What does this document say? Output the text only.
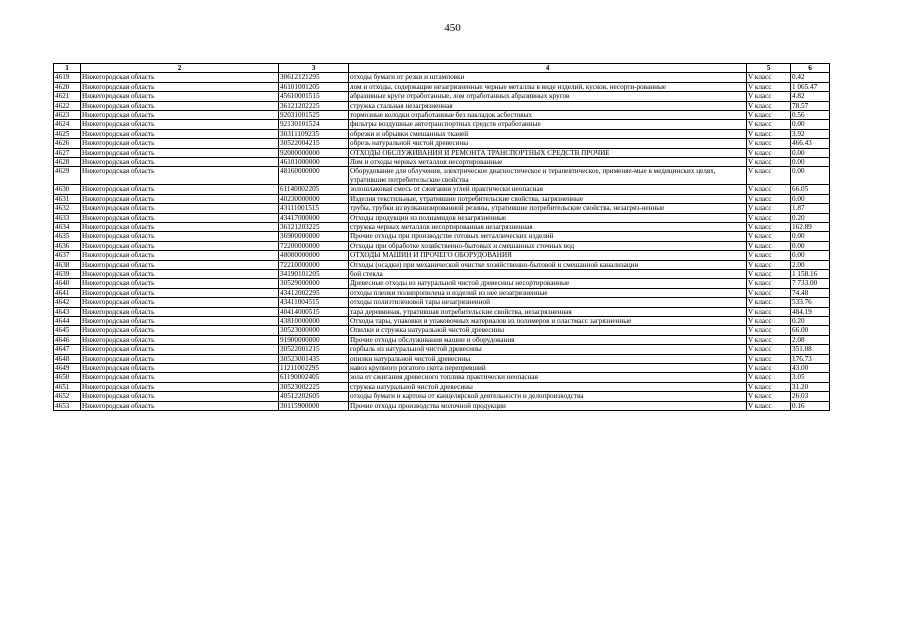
450
1	2	3	4	5	6
4619	Нижегородская область	30612121295	отходы бумаги от резки и штамповки	V класс	0.42
4620	Нижегородская область	46101001205	лом и отходы, содержащие незагрязненные черные металлы в виде изделий, кусков, несорти-рованные	V класс	1 065.47
4621	Нижегородская область	45610001515	абразивные круги отработанные, лом отработанных абразивных кругов	V класс	4.82
4622	Нижегородская область	36121202225	стружка стальная незагрязненная	V класс	78.57
4623	Нижегородская область	92031001525	тормозные колодки отработанные без накладок асбестовых	V класс	0.56
4624	Нижегородская область	92130101524	фильтры воздушные автотранспортных средств отработанные	V класс	0.00
4625	Нижегородская область	30311109235	обрезки и обрывки смешанных тканей	V класс	3.92
4626	Нижегородская область	30522004215	обрезь натуральной чистой древесины	V класс	466.43
4627	Нижегородская область	92000000000	ОТХОДЫ ОБСЛУЖИВАНИЯ И РЕМОНТА ТРАНСПОРТНЫХ СРЕДСТВ ПРОЧИЕ	V класс	0.00
4628	Нижегородская область	46101000000	Лом и отходы черных металлов несортированные	V класс	0.00
4629	Нижегородская область	48160000000	Оборудование для облучения, электрическое диагностическое и терапевтическое, применяе-мые в медицинских целях, утратившие потребительские свойства	V класс	0.00
4630	Нижегородская область	61140002205	золошлаковая смесь от сжигания углей практически неопасная	V класс	66.05
4631	Нижегородская область	40230000000	Изделия текстильные, утратившие потребительские свойства, загрязненные	V класс	0.00
4632	Нижегородская область	43111001515	трубы, трубки из вулканизированной резины, утратившие потребительские свойства, незагряз-ненные	V класс	1.87
4633	Нижегородская область	43417000000	Отходы продукции из полиамидов незагрязненные	V класс	0.20
4634	Нижегородская область	36121203225	стружка черных металлов несортированная незагрязненная	V класс	162.89
4635	Нижегородская область	36900000000	Прочие отходы при производстве готовых металлических изделий	V класс	0.00
4636	Нижегородская область	72200000000	Отходы при обработке хозяйственно-бытовых и смешанных сточных вод	V класс	0.00
4637	Нижегородская область	48000000000	ОТХОДЫ МАШИН И ПРОЧЕГО ОБОРУДОВАНИЯ	V класс	0.00
4638	Нижегородская область	72210000000	Отходы (осадки) при механической очистке хозяйственно-бытовой и смешанной канализации	V класс	2.00
4639	Нижегородская область	34190101205	бой стекла	V класс	1 158.16
4640	Нижегородская область	30529000000	Древесные отходы из натуральной чистой древесины несортированные	V класс	7 733.00
4641	Нижегородская область	43412002295	отходы пленки полипропилена и изделий из нее незагрязненные	V класс	74.48
4642	Нижегородская область	43411004515	отходы полиэтиленовой тары незагрязненной	V класс	533.76
4643	Нижегородская область	40414000515	тара деревянная, утратившая потребительские свойства, незагрязненная	V класс	484.19
4644	Нижегородская область	43810000000	Отходы тары, упаковки и упаковочных материалов из полимеров и пластмасс загрязненные	V класс	0.20
4645	Нижегородская область	30523000000	Опилки и стружка натуральной чистой древесины	V класс	66.00
4646	Нижегородская область	91900000000	Прочие отходы обслуживания машин и оборудования	V класс	2.08
4647	Нижегородская область	30522001215	горбыль из натуральной чистой древесины	V класс	351.08
4648	Нижегородская область	30523001435	опилки натуральной чистой древесины	V класс	176.73
4649	Нижегородская область	11211002295	навоз крупного рогатого скота перепревший	V класс	43.00
4650	Нижегородская область	61190002405	зола от сжигания древесного топлива практически неопасная	V класс	3.05
4651	Нижегородская область	30523002225	стружка натуральной чистой древесины	V класс	31.20
4652	Нижегородская область	40512202605	отходы бумаги и картона от канцелярской деятельности и делопроизводства	V класс	26.03
4653	Нижегородская область	30115900000	Прочие отходы производства молочной продукции	V класс	0.16
